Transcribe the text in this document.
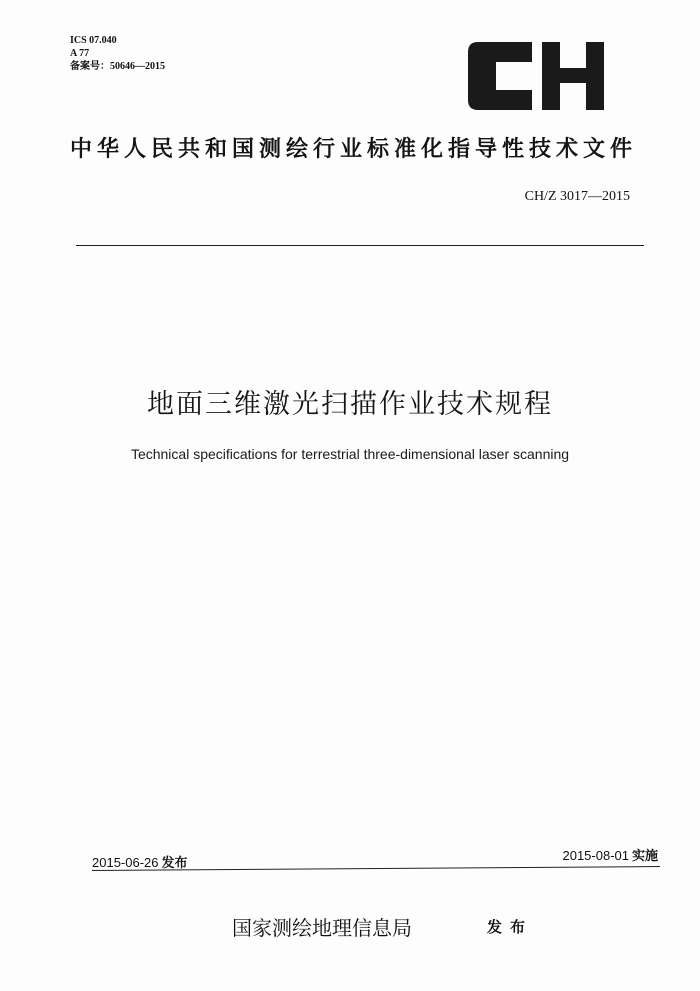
ICS 07.040
A 77
备案号：50646—2015
中华人民共和国测绘行业标准化指导性技术文件
CH/Z 3017—2015
地面三维激光扫描作业技术规程
Technical specifications for terrestrial three-dimensional laser scanning
2015-06-26 发布
2015-08-01 实施
国家测绘地理信息局	发布
